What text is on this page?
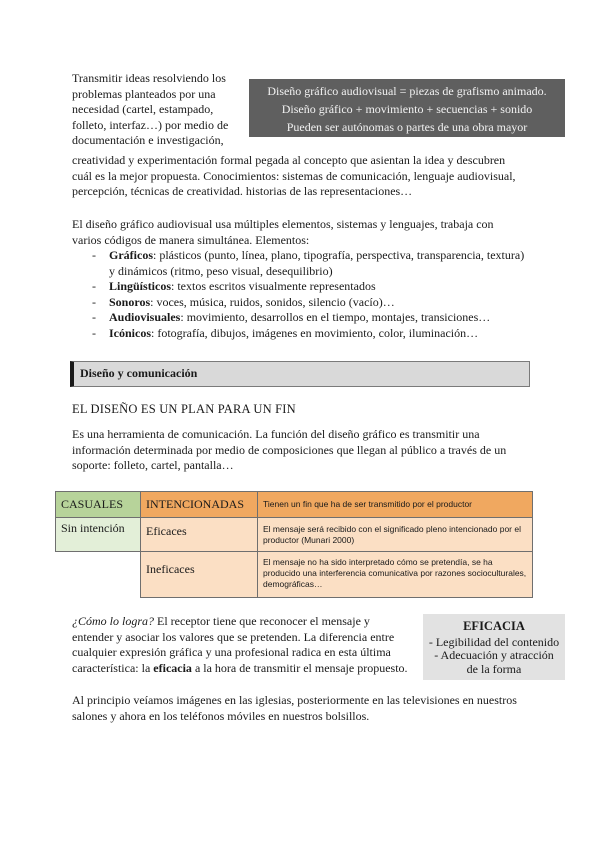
Transmitir ideas resolviendo los
problemas planteados por una
necesidad (cartel, estampado,
folleto, interfaz…) por medio de
documentación e investigación,
Diseño gráfico audiovisual = piezas de grafismo animado.
Diseño gráfico + movimiento + secuencias + sonido
Pueden ser autónomas o partes de una obra mayor
creatividad y experimentación formal pegada al concepto que asientan la idea y descubren
cuál es la mejor propuesta. Conocimientos: sistemas de comunicación, lenguaje audiovisual,
percepción, técnicas de creatividad. historias de las representaciones…
El diseño gráfico audiovisual usa múltiples elementos, sistemas y lenguajes, trabaja con
varios códigos de manera simultánea. Elementos:
- Gráficos: plásticos (punto, línea, plano, tipografía, perspectiva, transparencia, textura)
y dinámicos (ritmo, peso visual, desequilibrio)
- Lingüísticos: textos escritos visualmente representados
- Sonoros: voces, música, ruidos, sonidos, silencio (vacío)…
- Audiovisuales: movimiento, desarrollos en el tiempo, montajes, transiciones…
- Icónicos: fotografía, dibujos, imágenes en movimiento, color, iluminación…
Diseño y comunicación
EL DISEÑO ES UN PLAN PARA UN FIN
Es una herramienta de comunicación. La función del diseño gráfico es transmitir una
información determinada por medio de composiciones que llegan al público a través de un
soporte: folleto, cartel, pantalla…
CASUALES	INTENCIONADAS	Tienen un fin que ha de ser transmitido por el productor
Sin intención	Eficaces	El mensaje será recibido con el significado pleno intencionado por el productor (Munari 2000)
	Ineficaces	El mensaje no ha sido interpretado cómo se pretendía, se ha producido una interferencia comunicativa por razones socioculturales, demográficas…
¿Cómo lo logra? El receptor tiene que reconocer el mensaje y
entender y asociar los valores que se pretenden. La diferencia entre
cualquier expresión gráfica y una profesional radica en esta última
característica: la eficacia a la hora de transmitir el mensaje propuesto.
EFICACIA
- Legibilidad del contenido
- Adecuación y atracción
de la forma
Al principio veíamos imágenes en las iglesias, posteriormente en las televisiones en nuestros
salones y ahora en los teléfonos móviles en nuestros bolsillos.
